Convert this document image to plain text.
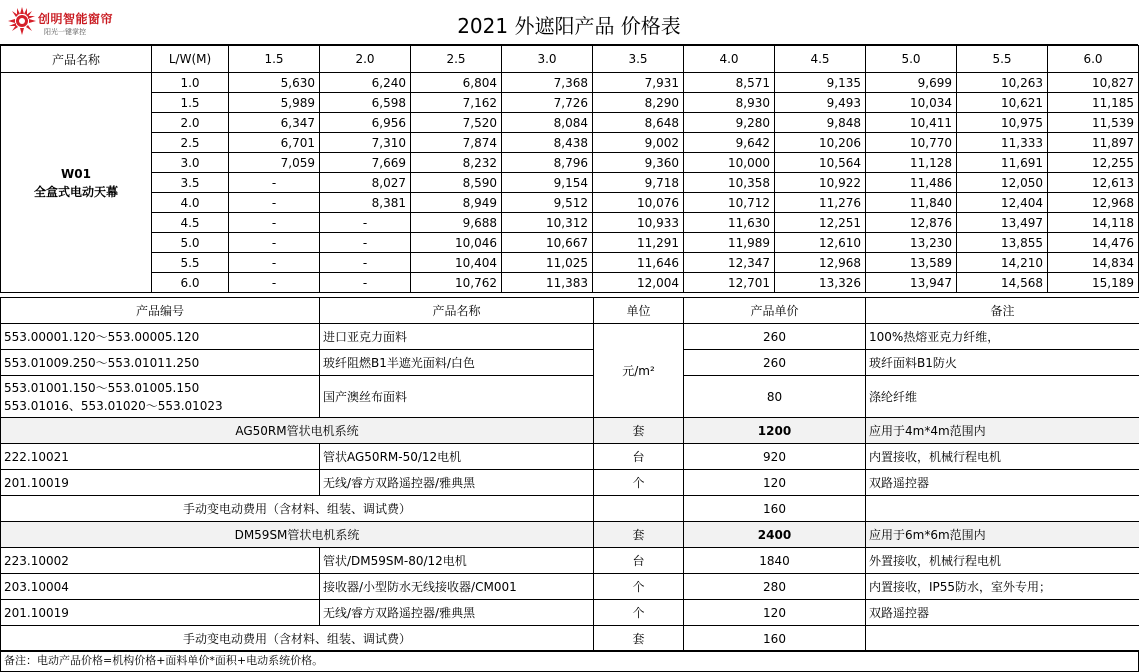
创明智能窗帘
阳光一键掌控	2021 外遮阳产品 价格表
产品名称	L/W(M)	1.5	2.0	2.5	3.0	3.5	4.0	4.5	5.0	5.5	6.0

W01
全盒式电动天幕	1.0	5,630	6,240	6,804	7,368	7,931	8,571	9,135	9,699	10,263	10,827
	1.5	5,989	6,598	7,162	7,726	8,290	8,930	9,493	10,034	10,621	11,185
	2.0	6,347	6,956	7,520	8,084	8,648	9,280	9,848	10,411	10,975	11,539
	2.5	6,701	7,310	7,874	8,438	9,002	9,642	10,206	10,770	11,333	11,897
	3.0	7,059	7,669	8,232	8,796	9,360	10,000	10,564	11,128	11,691	12,255
	3.5	-	8,027	8,590	9,154	9,718	10,358	10,922	11,486	12,050	12,613
	4.0	-	8,381	8,949	9,512	10,076	10,712	11,276	11,840	12,404	12,968
	4.5	-	-	9,688	10,312	10,933	11,630	12,251	12,876	13,497	14,118
	5.0	-	-	10,046	10,667	11,291	11,989	12,610	13,230	13,855	14,476
	5.5	-	-	10,404	11,025	11,646	12,347	12,968	13,589	14,210	14,834
	6.0	-	-	10,762	11,383	12,004	12,701	13,326	13,947	14,568	15,189
产品编号	产品名称	单位	产品单价	备注
553.00001.120～553.00005.120	进口亚克力面料	元/m²	260	100%热熔亚克力纤维，
553.01009.250～553.01011.250	玻纤阻燃B1半遮光面料/白色		260	玻纤面料B1防火

553.01001.150～553.01005.150
553.01016、553.01020～553.01023	国产澳丝布面料		80	涤纶纤维
AG50RM管状电机系统		套	1200	应用于4m*4m范围内
222.10021	管状AG50RM-50/12电机	台	920	内置接收，机械行程电机
201.10019	无线/睿方双路遥控器/雅典黑	个	120	双路遥控器
手动变电动费用（含材料、组装、调试费）			160	
DM59SM管状电机系统		套	2400	应用于6m*6m范围内
223.10002	管状/DM59SM-80/12电机	台	1840	外置接收，机械行程电机
203.10004	接收器/小型防水无线接收器/CM001	个	280	内置接收，IP55防水，室外专用；
201.10019	无线/睿方双路遥控器/雅典黑	个	120	双路遥控器
手动变电动费用（含材料、组装、调试费）		套	160	
备注：电动产品价格=机构价格+面料单价*面积+电动系统价格。
